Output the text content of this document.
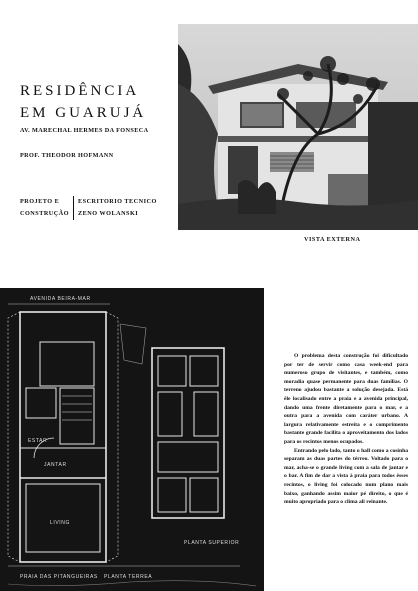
RESIDÊNCIA
EM GUARUJÁ
AV. MARECHAL HERMES DA FONSECA
PROF. THEODOR HOFMANN
PROJETO E
CONSTRUÇÃO
ESCRITORIO TECNICO
ZENO WOLANSKI
VISTA EXTERNA
AVENIDA BEIRA-MAR
JANTAR
ESTAR
LIVING
PRAIA DAS PITANGUEIRAS PLANTA TERREA
PLANTA SUPERIOR

O problema desta construção foi dificultado por ter de servir como casa week-end para numeroso grupo de visitantes, e também, como moradia quase permanente para duas famílias. O terreno ajudou bastante a solução desejada. Está êle localisado entre a praia e a avenida principal, dando uma frente diretamente para o mar, e a outra para a avenida com caráter urbano. A largura relativamente estreita e o comprimento bastante grande facilita o aproveitamento dos lados para os recintos menos ocupados.

Entrando pelo lado, tanto o hall como a cosinha separam as duas partes do térreo. Voltado para o mar, acha-se o grande living com a sala de jantar e o bar. A fim de dar a vista à praia para todos êsses recintos, o living foi colocado num plano mais baixo, ganhando assim maior pé direito, o que é muito apropriado para o clima ali reinante.
